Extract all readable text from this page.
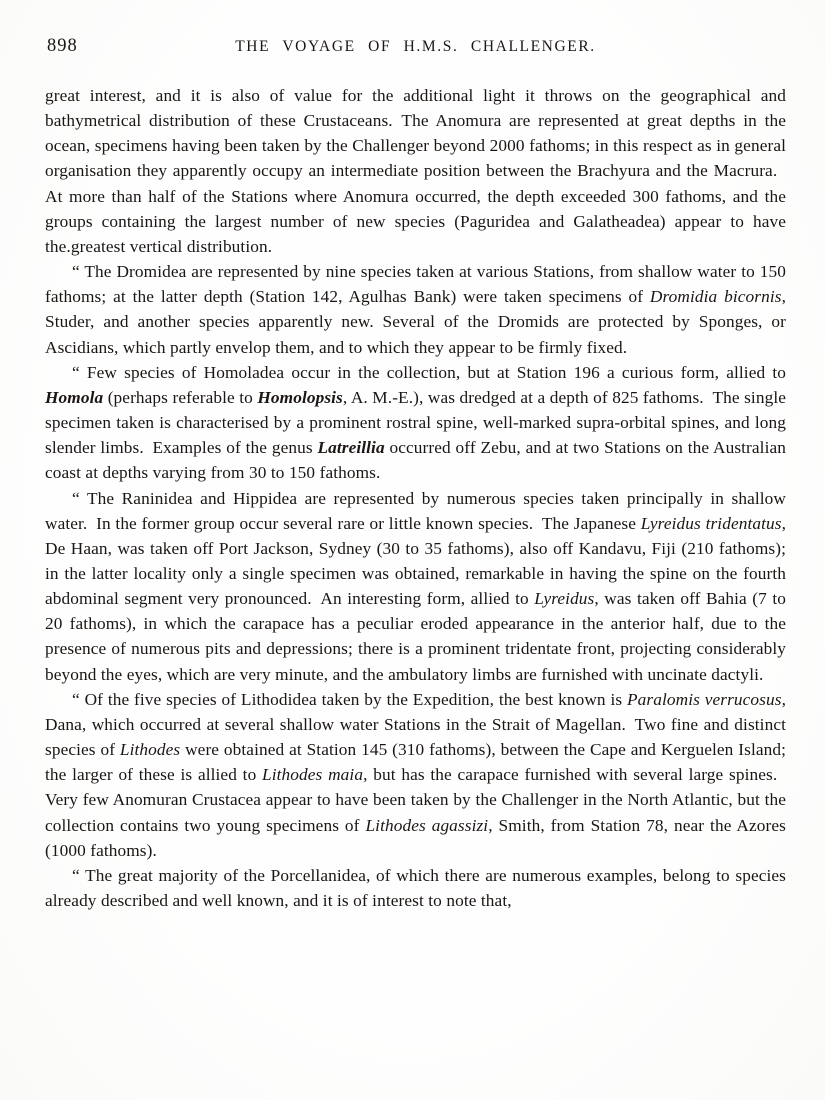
898	THE VOYAGE OF H.M.S. CHALLENGER.

great interest, and it is also of value for the additional light it throws on the geographical and bathymetrical distribution of these Crustaceans. The Anomura are represented at great depths in the ocean, specimens having been taken by the Challenger beyond 2000 fathoms; in this respect as in general organisation they apparently occupy an intermediate position between the Brachyura and the Macrura. At more than half of the Stations where Anomura occurred, the depth exceeded 300 fathoms, and the groups containing the largest number of new species (Paguridea and Galatheadea) appear to have the.greatest vertical distribution.

“ The Dromidea are represented by nine species taken at various Stations, from shallow water to 150 fathoms; at the latter depth (Station 142, Agulhas Bank) were taken specimens of Dromidia bicornis, Studer, and another species apparently new. Several of the Dromids are protected by Sponges, or Ascidians, which partly envelop them, and to which they appear to be firmly fixed.

“ Few species of Homoladea occur in the collection, but at Station 196 a curious form, allied to Homola (perhaps referable to Homolopsis, A. M.-E.), was dredged at a depth of 825 fathoms. The single specimen taken is characterised by a prominent rostral spine, well-marked supra-orbital spines, and long slender limbs. Examples of the genus Latreillia occurred off Zebu, and at two Stations on the Australian coast at depths varying from 30 to 150 fathoms.

“ The Raninidea and Hippidea are represented by numerous species taken principally in shallow water. In the former group occur several rare or little known species. The Japanese Lyreidus tridentatus, De Haan, was taken off Port Jackson, Sydney (30 to 35 fathoms), also off Kandavu, Fiji (210 fathoms); in the latter locality only a single specimen was obtained, remarkable in having the spine on the fourth abdominal segment very pronounced. An interesting form, allied to Lyreidus, was taken off Bahia (7 to 20 fathoms), in which the carapace has a peculiar eroded appearance in the anterior half, due to the presence of numerous pits and depressions; there is a prominent tridentate front, projecting considerably beyond the eyes, which are very minute, and the ambulatory limbs are furnished with uncinate dactyli.

“ Of the five species of Lithodidea taken by the Expedition, the best known is Paralomis verrucosus, Dana, which occurred at several shallow water Stations in the Strait of Magellan. Two fine and distinct species of Lithodes were obtained at Station 145 (310 fathoms), between the Cape and Kerguelen Island; the larger of these is allied to Lithodes maia, but has the carapace furnished with several large spines. Very few Anomuran Crustacea appear to have been taken by the Challenger in the North Atlantic, but the collection contains two young specimens of Lithodes agassizi, Smith, from Station 78, near the Azores (1000 fathoms).

“ The great majority of the Porcellanidea, of which there are numerous examples, belong to species already described and well known, and it is of interest to note that,
